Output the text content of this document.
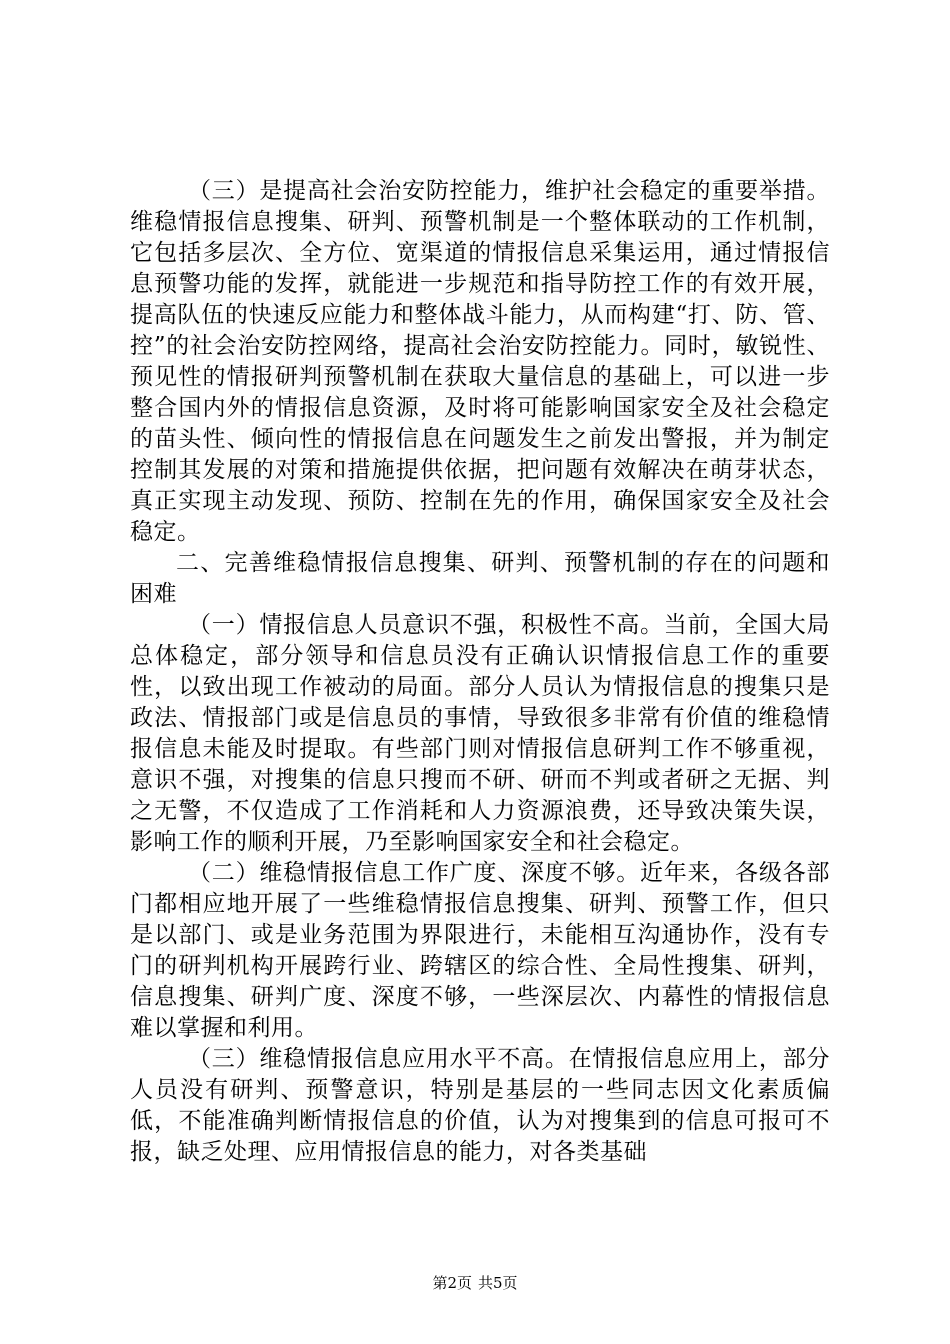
（三）是提高社会治安防控能力，维护社会稳定的重要举措。维稳情报信息搜集、研判、预警机制是一个整体联动的工作机制，它包括多层次、全方位、宽渠道的情报信息采集运用，通过情报信息预警功能的发挥，就能进一步规范和指导防控工作的有效开展，提高队伍的快速反应能力和整体战斗能力，从而构建“打、防、管、控”的社会治安防控网络，提高社会治安防控能力。同时，敏锐性、预见性的情报研判预警机制在获取大量信息的基础上，可以进一步整合国内外的情报信息资源，及时将可能影响国家安全及社会稳定的苗头性、倾向性的情报信息在问题发生之前发出警报，并为制定控制其发展的对策和措施提供依据，把问题有效解决在萌芽状态，真正实现主动发现、预防、控制在先的作用，确保国家安全及社会稳定。

二、完善维稳情报信息搜集、研判、预警机制的存在的问题和困难

（一）情报信息人员意识不强，积极性不高。当前，全国大局总体稳定，部分领导和信息员没有正确认识情报信息工作的重要性，以致出现工作被动的局面。部分人员认为情报信息的搜集只是政法、情报部门或是信息员的事情，导致很多非常有价值的维稳情报信息未能及时提取。有些部门则对情报信息研判工作不够重视，意识不强，对搜集的信息只搜而不研、研而不判或者研之无据、判之无警，不仅造成了工作消耗和人力资源浪费，还导致决策失误，影响工作的顺利开展，乃至影响国家安全和社会稳定。

（二）维稳情报信息工作广度、深度不够。近年来，各级各部门都相应地开展了一些维稳情报信息搜集、研判、预警工作，但只是以部门、或是业务范围为界限进行，未能相互沟通协作，没有专门的研判机构开展跨行业、跨辖区的综合性、全局性搜集、研判，信息搜集、研判广度、深度不够，一些深层次、内幕性的情报信息难以掌握和利用。

（三）维稳情报信息应用水平不高。在情报信息应用上，部分人员没有研判、预警意识，特别是基层的一些同志因文化素质偏低，不能准确判断情报信息的价值，认为对搜集到的信息可报可不报，缺乏处理、应用情报信息的能力，对各类基础

第2页 共5页
